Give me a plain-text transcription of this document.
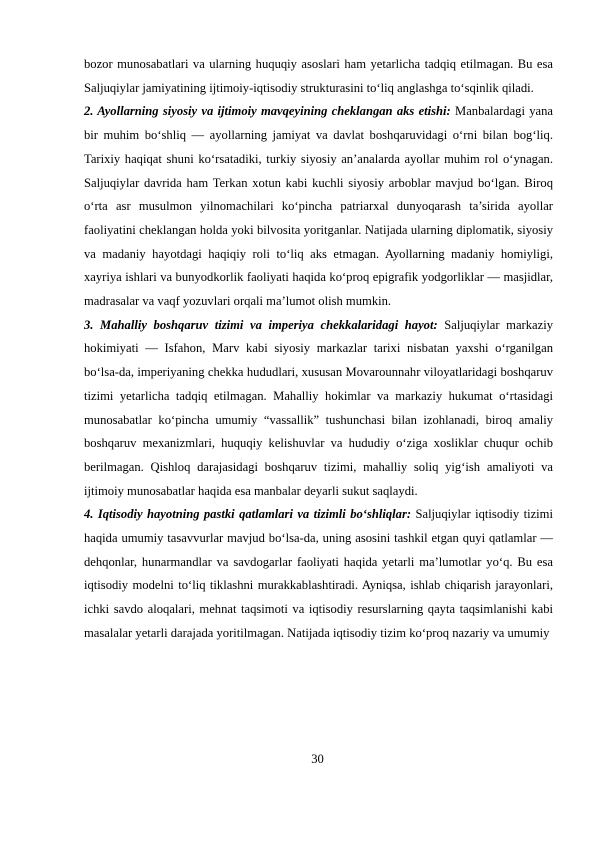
bozor munosabatlari va ularning huquqiy asoslari ham yetarlicha tadqiq etilmagan. Bu esa Saljuqiylar jamiyatining ijtimoiy-iqtisodiy strukturasini to‘liq anglashga to‘sqinlik qiladi.

2. Ayollarning siyosiy va ijtimoiy mavqeyining cheklangan aks etishi: Manbalardagi yana bir muhim bo‘shliq — ayollarning jamiyat va davlat boshqaruvidagi o‘rni bilan bog‘liq. Tarixiy haqiqat shuni ko‘rsatadiki, turkiy siyosiy an’analarda ayollar muhim rol o‘ynagan. Saljuqiylar davrida ham Terkan xotun kabi kuchli siyosiy arboblar mavjud bo‘lgan. Biroq o‘rta asr musulmon yilnomachilari ko‘pincha patriarxal dunyoqarash ta’sirida ayollar faoliyatini cheklangan holda yoki bilvosita yoritganlar. Natijada ularning diplomatik, siyosiy va madaniy hayotdagi haqiqiy roli to‘liq aks etmagan. Ayollarning madaniy homiyligi, xayriya ishlari va bunyodkorlik faoliyati haqida ko‘proq epigrafik yodgorliklar — masjidlar, madrasalar va vaqf yozuvlari orqali ma’lumot olish mumkin.

3. Mahalliy boshqaruv tizimi va imperiya chekkalaridagi hayot: Saljuqiylar markaziy hokimiyati — Isfahon, Marv kabi siyosiy markazlar tarixi nisbatan yaxshi o‘rganilgan bo‘lsa-da, imperiyaning chekka hududlari, xususan Movarounnahr viloyatlaridagi boshqaruv tizimi yetarlicha tadqiq etilmagan. Mahalliy hokimlar va markaziy hukumat o‘rtasidagi munosabatlar ko‘pincha umumiy “vassallik” tushunchasi bilan izohlanadi, biroq amaliy boshqaruv mexanizmlari, huquqiy kelishuvlar va hududiy o‘ziga xosliklar chuqur ochib berilmagan. Qishloq darajasidagi boshqaruv tizimi, mahalliy soliq yig‘ish amaliyoti va ijtimoiy munosabatlar haqida esa manbalar deyarli sukut saqlaydi.

4. Iqtisodiy hayotning pastki qatlamlari va tizimli bo‘shliqlar: Saljuqiylar iqtisodiy tizimi haqida umumiy tasavvurlar mavjud bo‘lsa-da, uning asosini tashkil etgan quyi qatlamlar — dehqonlar, hunarmandlar va savdogarlar faoliyati haqida yetarli ma’lumotlar yo‘q. Bu esa iqtisodiy modelni to‘liq tiklashni murakkablashtiradi. Ayniqsa, ishlab chiqarish jarayonlari, ichki savdo aloqalari, mehnat taqsimoti va iqtisodiy resurslarning qayta taqsimlanishi kabi masalalar yetarli darajada yoritilmagan. Natijada iqtisodiy tizim ko‘proq nazariy va umumiy

30
